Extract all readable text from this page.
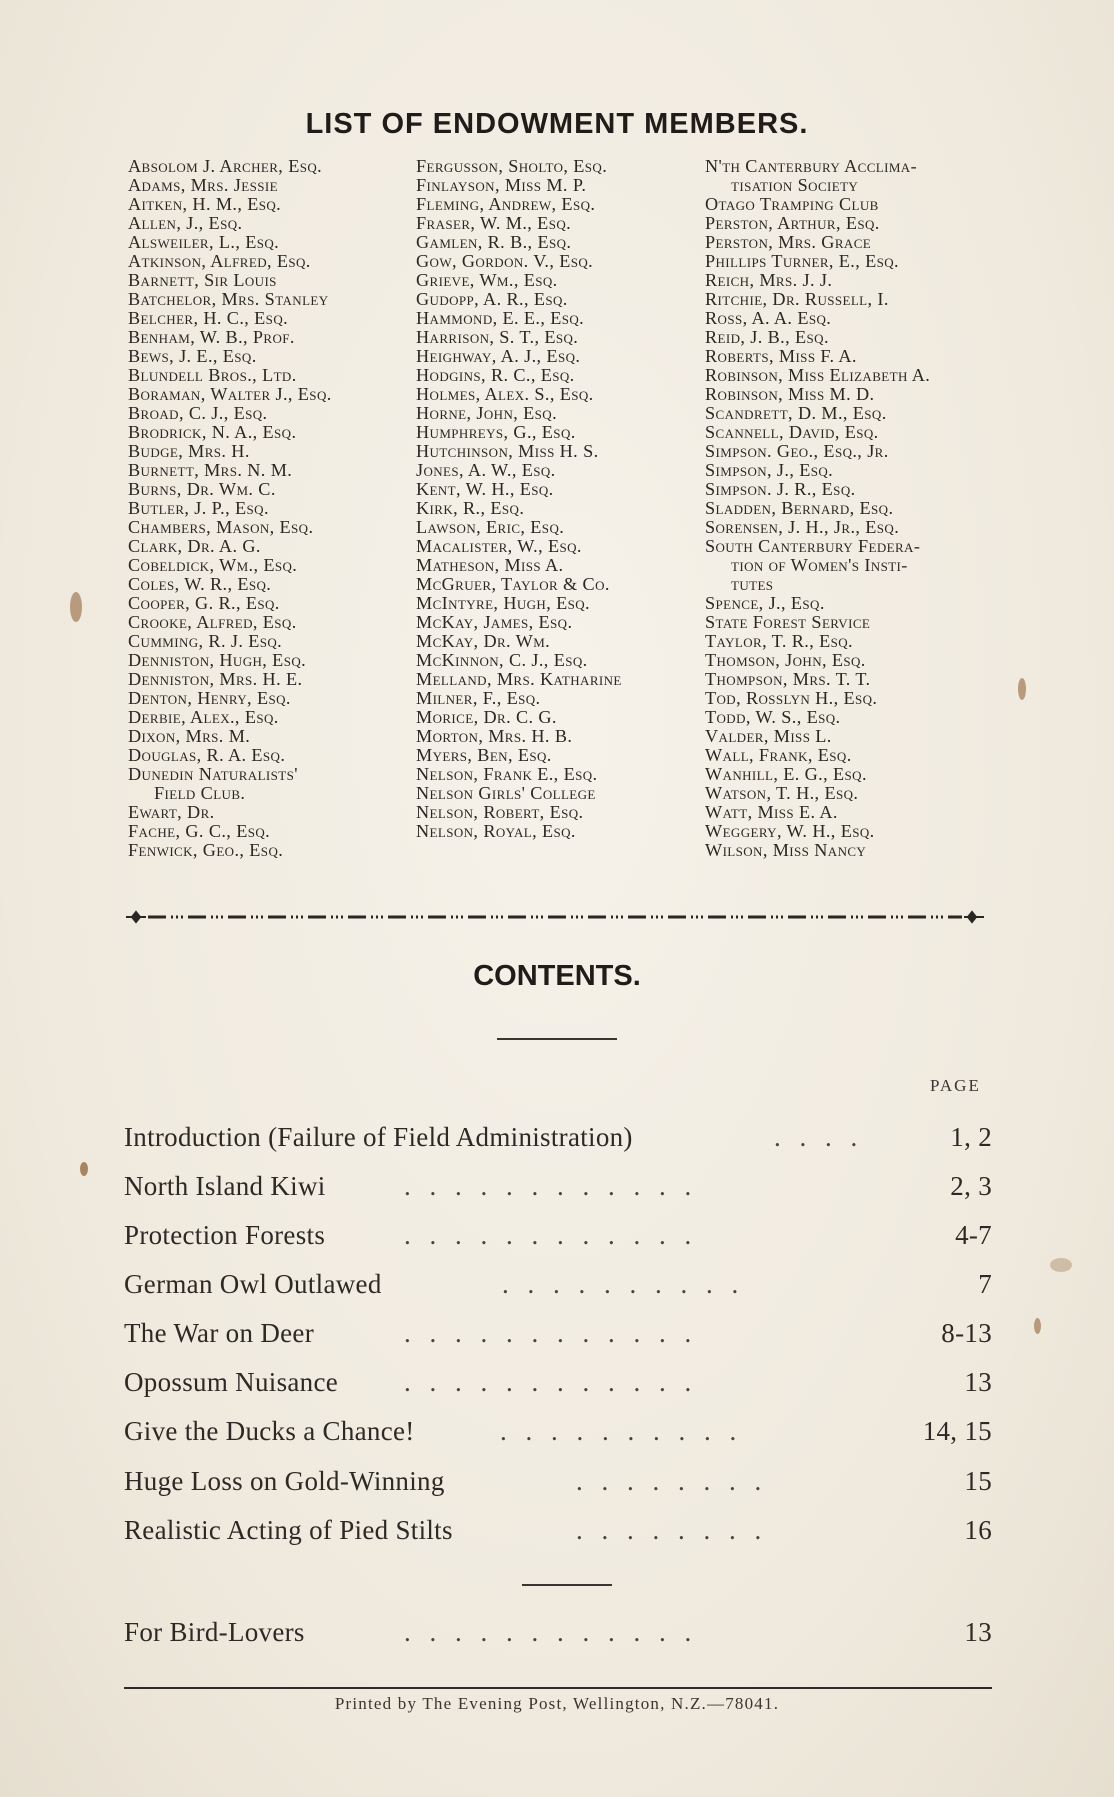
LIST OF ENDOWMENT MEMBERS.
Absolom J. Archer, Esq.
Adams, Mrs. Jessie
Aitken, H. M., Esq.
Allen, J., Esq.
Alsweiler, L., Esq.
Atkinson, Alfred, Esq.
Barnett, Sir Louis
Batchelor, Mrs. Stanley
Belcher, H. C., Esq.
Benham, W. B., Prof.
Bews, J. E., Esq.
Blundell Bros., Ltd.
Boraman, Walter J., Esq.
Broad, C. J., Esq.
Brodrick, N. A., Esq.
Budge, Mrs. H.
Burnett, Mrs. N. M.
Burns, Dr. Wm. C.
Butler, J. P., Esq.
Chambers, Mason, Esq.
Clark, Dr. A. G.
Cobeldick, Wm., Esq.
Coles, W. R., Esq.
Cooper, G. R., Esq.
Crooke, Alfred, Esq.
Cumming, R. J. Esq.
Denniston, Hugh, Esq.
Denniston, Mrs. H. E.
Denton, Henry, Esq.
Derbie, Alex., Esq.
Dixon, Mrs. M.
Douglas, R. A. Esq.
Dunedin Naturalists'
Field Club.
Ewart, Dr.
Fache, G. C., Esq.
Fenwick, Geo., Esq.
Fergusson, Sholto, Esq.
Finlayson, Miss M. P.
Fleming, Andrew, Esq.
Fraser, W. M., Esq.
Gamlen, R. B., Esq.
Gow, Gordon. V., Esq.
Grieve, Wm., Esq.
Gudopp, A. R., Esq.
Hammond, E. E., Esq.
Harrison, S. T., Esq.
Heighway, A. J., Esq.
Hodgins, R. C., Esq.
Holmes, Alex. S., Esq.
Horne, John, Esq.
Humphreys, G., Esq.
Hutchinson, Miss H. S.
Jones, A. W., Esq.
Kent, W. H., Esq.
Kirk, R., Esq.
Lawson, Eric, Esq.
Macalister, W., Esq.
Matheson, Miss A.
McGruer, Taylor & Co.
McIntyre, Hugh, Esq.
McKay, James, Esq.
McKay, Dr. Wm.
McKinnon, C. J., Esq.
Melland, Mrs. Katharine
Milner, F., Esq.
Morice, Dr. C. G.
Morton, Mrs. H. B.
Myers, Ben, Esq.
Nelson, Frank E., Esq.
Nelson Girls' College
Nelson, Robert, Esq.
Nelson, Royal, Esq.
N'th Canterbury Acclima-
tisation Society
Otago Tramping Club
Perston, Arthur, Esq.
Perston, Mrs. Grace
Phillips Turner, E., Esq.
Reich, Mrs. J. J.
Ritchie, Dr. Russell, I.
Ross, A. A. Esq.
Reid, J. B., Esq.
Roberts, Miss F. A.
Robinson, Miss Elizabeth A.
Robinson, Miss M. D.
Scandrett, D. M., Esq.
Scannell, David, Esq.
Simpson. Geo., Esq., Jr.
Simpson, J., Esq.
Simpson. J. R., Esq.
Sladden, Bernard, Esq.
Sorensen, J. H., Jr., Esq.
South Canterbury Federa-
tion of Women's Insti-
tutes
Spence, J., Esq.
State Forest Service
Taylor, T. R., Esq.
Thomson, John, Esq.
Thompson, Mrs. T. T.
Tod, Rosslyn H., Esq.
Todd, W. S., Esq.
Valder, Miss L.
Wall, Frank, Esq.
Wanhill, E. G., Esq.
Watson, T. H., Esq.
Watt, Miss E. A.
Weggery, W. H., Esq.
Wilson, Miss Nancy
CONTENTS.
PAGE
Introduction (Failure of Field Administration)	. . . .	1, 2
North Island Kiwi	. . . . . . . . . . . .	2, 3
Protection Forests	. . . . . . . . . . . .	4-7
German Owl Outlawed	. . . . . . . . . .	7
The War on Deer	. . . . . . . . . . . .	8-13
Opossum Nuisance . . . . . . . . . . . .	13
Give the Ducks a Chance!	. . . . . . . . . .	14, 15
Huge Loss on Gold-Winning	. . . . . . . .	15
Realistic Acting of Pied Stilts	. . . . . . . .	16
For Bird-Lovers	. . . . . . . . . . . .	13
Printed by The Evening Post, Wellington, N.Z.—78041.
